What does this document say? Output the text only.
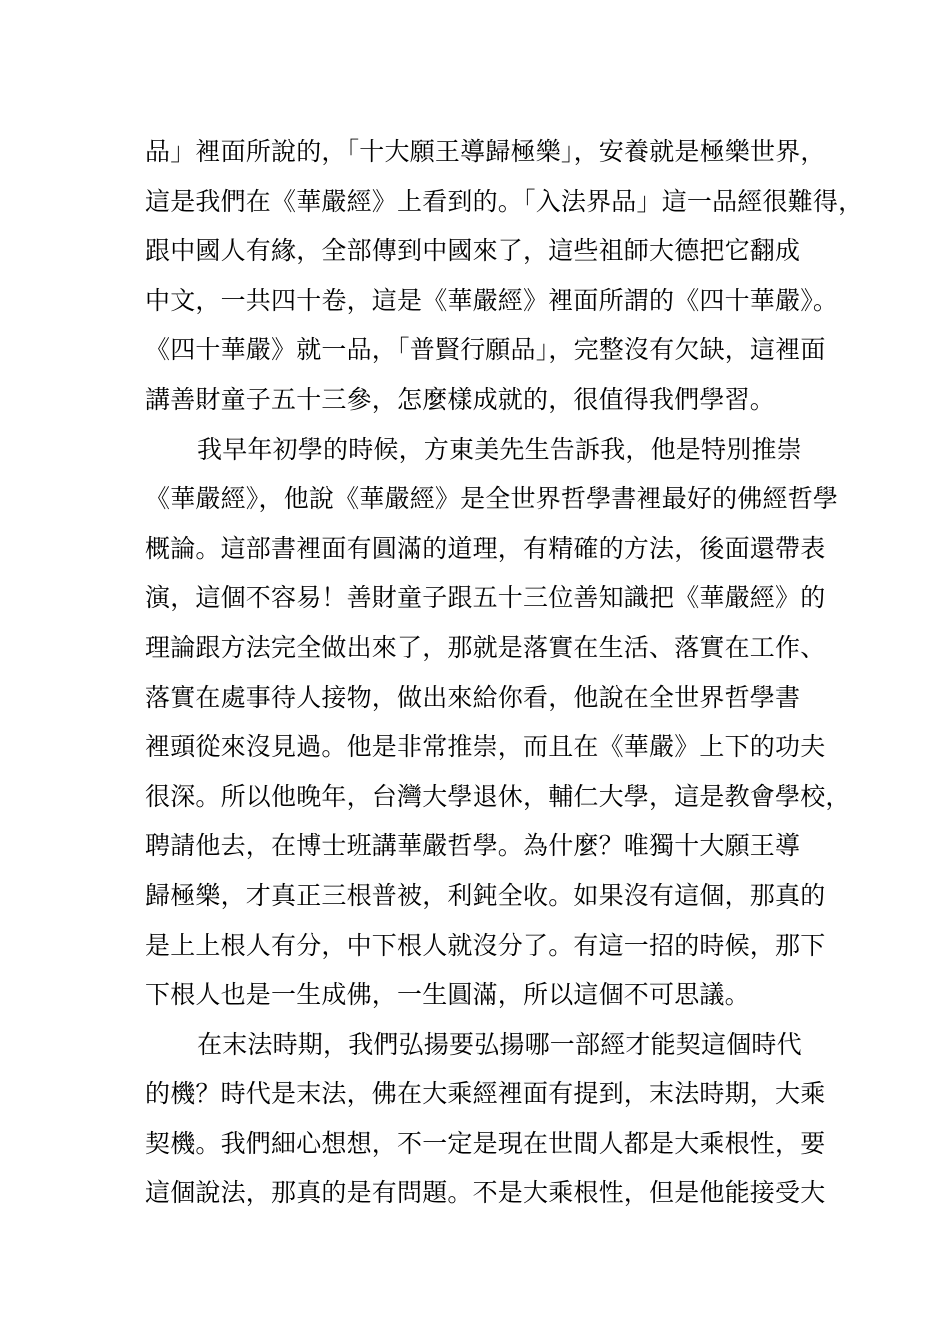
品」裡面所說的，「十大願王導歸極樂」，安養就是極樂世界，
這是我們在《華嚴經》上看到的。「入法界品」這一品經很難得，
跟中國人有緣，全部傳到中國來了，這些祖師大德把它翻成
中文，一共四十卷，這是《華嚴經》裡面所謂的《四十華嚴》。
《四十華嚴》就一品，「普賢行願品」，完整沒有欠缺，這裡面
講善財童子五十三參，怎麼樣成就的，很值得我們學習。
我早年初學的時候，方東美先生告訴我，他是特別推崇
《華嚴經》，他說《華嚴經》是全世界哲學書裡最好的佛經哲學
概論。這部書裡面有圓滿的道理，有精確的方法，後面還帶表
演，這個不容易！善財童子跟五十三位善知識把《華嚴經》的
理論跟方法完全做出來了，那就是落實在生活、落實在工作、
落實在處事待人接物，做出來給你看，他說在全世界哲學書
裡頭從來沒見過。他是非常推崇，而且在《華嚴》上下的功夫
很深。所以他晚年，台灣大學退休，輔仁大學，這是教會學校，
聘請他去，在博士班講華嚴哲學。為什麼？唯獨十大願王導
歸極樂，才真正三根普被，利鈍全收。如果沒有這個，那真的
是上上根人有分，中下根人就沒分了。有這一招的時候，那下
下根人也是一生成佛，一生圓滿，所以這個不可思議。
在末法時期，我們弘揚要弘揚哪一部經才能契這個時代
的機？時代是末法，佛在大乘經裡面有提到，末法時期，大乘
契機。我們細心想想，不一定是現在世間人都是大乘根性，要
這個說法，那真的是有問題。不是大乘根性，但是他能接受大
